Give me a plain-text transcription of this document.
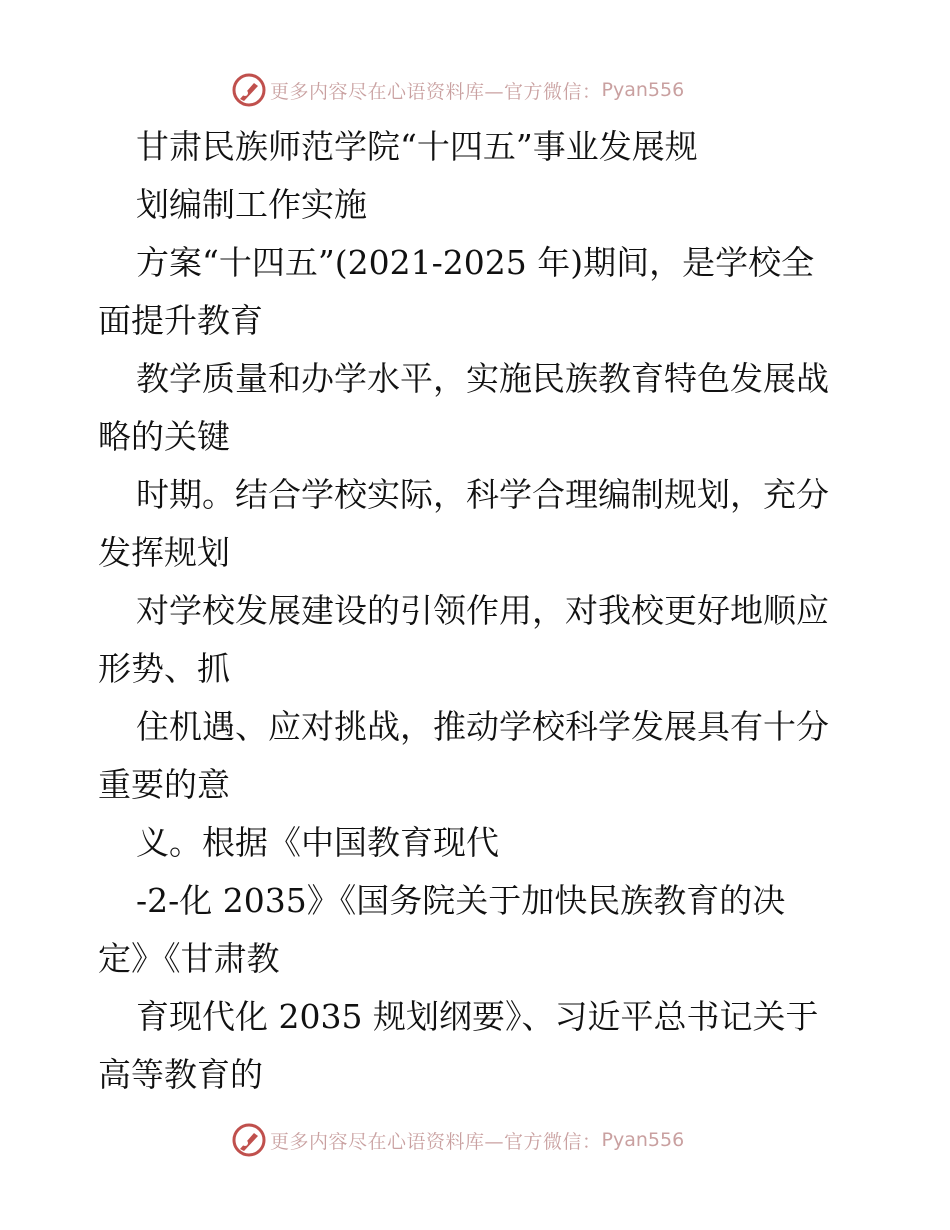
更多内容尽在心语资料库—官方微信： Pyan556
甘肃民族师范学院“十四五”事业发展规
划编制工作实施
方案“十四五”(2021-2025 年)期间，是学校全
面提升教育
教学质量和办学水平，实施民族教育特色发展战
略的关键
时期。结合学校实际，科学合理编制规划，充分
发挥规划
对学校发展建设的引领作用，对我校更好地顺应
形势、抓
住机遇、应对挑战，推动学校科学发展具有十分
重要的意
义。根据《中国教育现代
-2-化 2035》《国务院关于加快民族教育的决
定》《甘肃教
育现代化 2035 规划纲要》、习近平总书记关于
高等教育的
更多内容尽在心语资料库—官方微信： Pyan556
